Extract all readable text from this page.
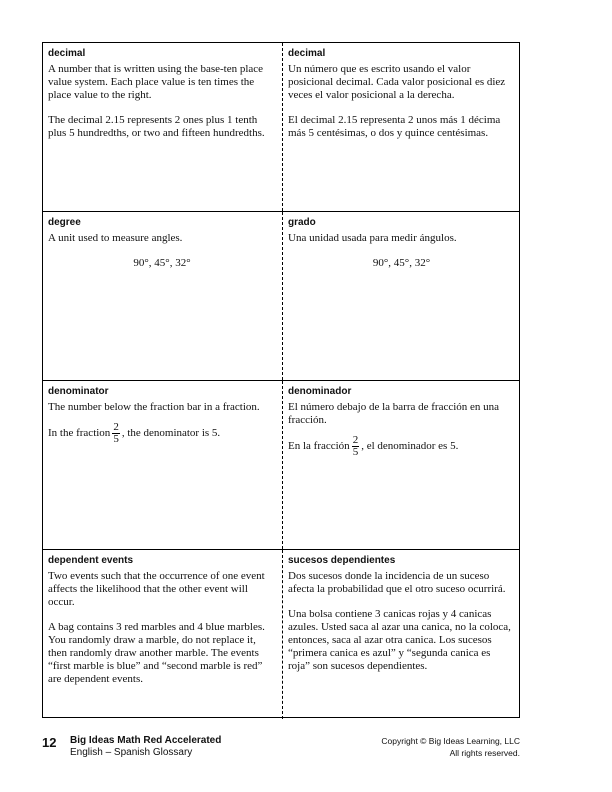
decimal

A number that is written using the base-ten place value system. Each place value is ten times the place value to the right.

The decimal 2.15 represents 2 ones plus 1 tenth plus 5 hundredths, or two and fifteen hundredths.

decimal

Un número que es escrito usando el valor posicional decimal. Cada valor posicional es diez veces el valor posicional a la derecha.

El decimal 2.15 representa 2 unos más 1 décima más 5 centésimas, o dos y quince centésimas.

degree

A unit used to measure angles.

90°, 45°, 32°

grado

Una unidad usada para medir ángulos.

90°, 45°, 32°

denominator

The number below the fraction bar in a fraction.

In the fraction $\frac{2}{5}$ , the denominator is 5.

denominador

El número debajo de la barra de fracción en una fracción.

En la fracción $\frac{2}{5}$ , el denominador es 5.

dependent events

Two events such that the occurrence of one event affects the likelihood that the other event will occur.

A bag contains 3 red marbles and 4 blue marbles. You randomly draw a marble, do not replace it, then randomly draw another marble. The events “first marble is blue” and “second marble is red” are dependent events.

sucesos dependientes

Dos sucesos donde la incidencia de un suceso afecta la probabilidad que el otro suceso ocurrirá.

Una bolsa contiene 3 canicas rojas y 4 canicas azules. Usted saca al azar una canica, no la coloca, entonces, saca al azar otra canica. Los sucesos “primera canica es azul” y “segunda canica es roja” son sucesos dependientes.

12 Big Ideas Math Red Accelerated
English – Spanish Glossary
Copyright © Big Ideas Learning, LLC
All rights reserved.
